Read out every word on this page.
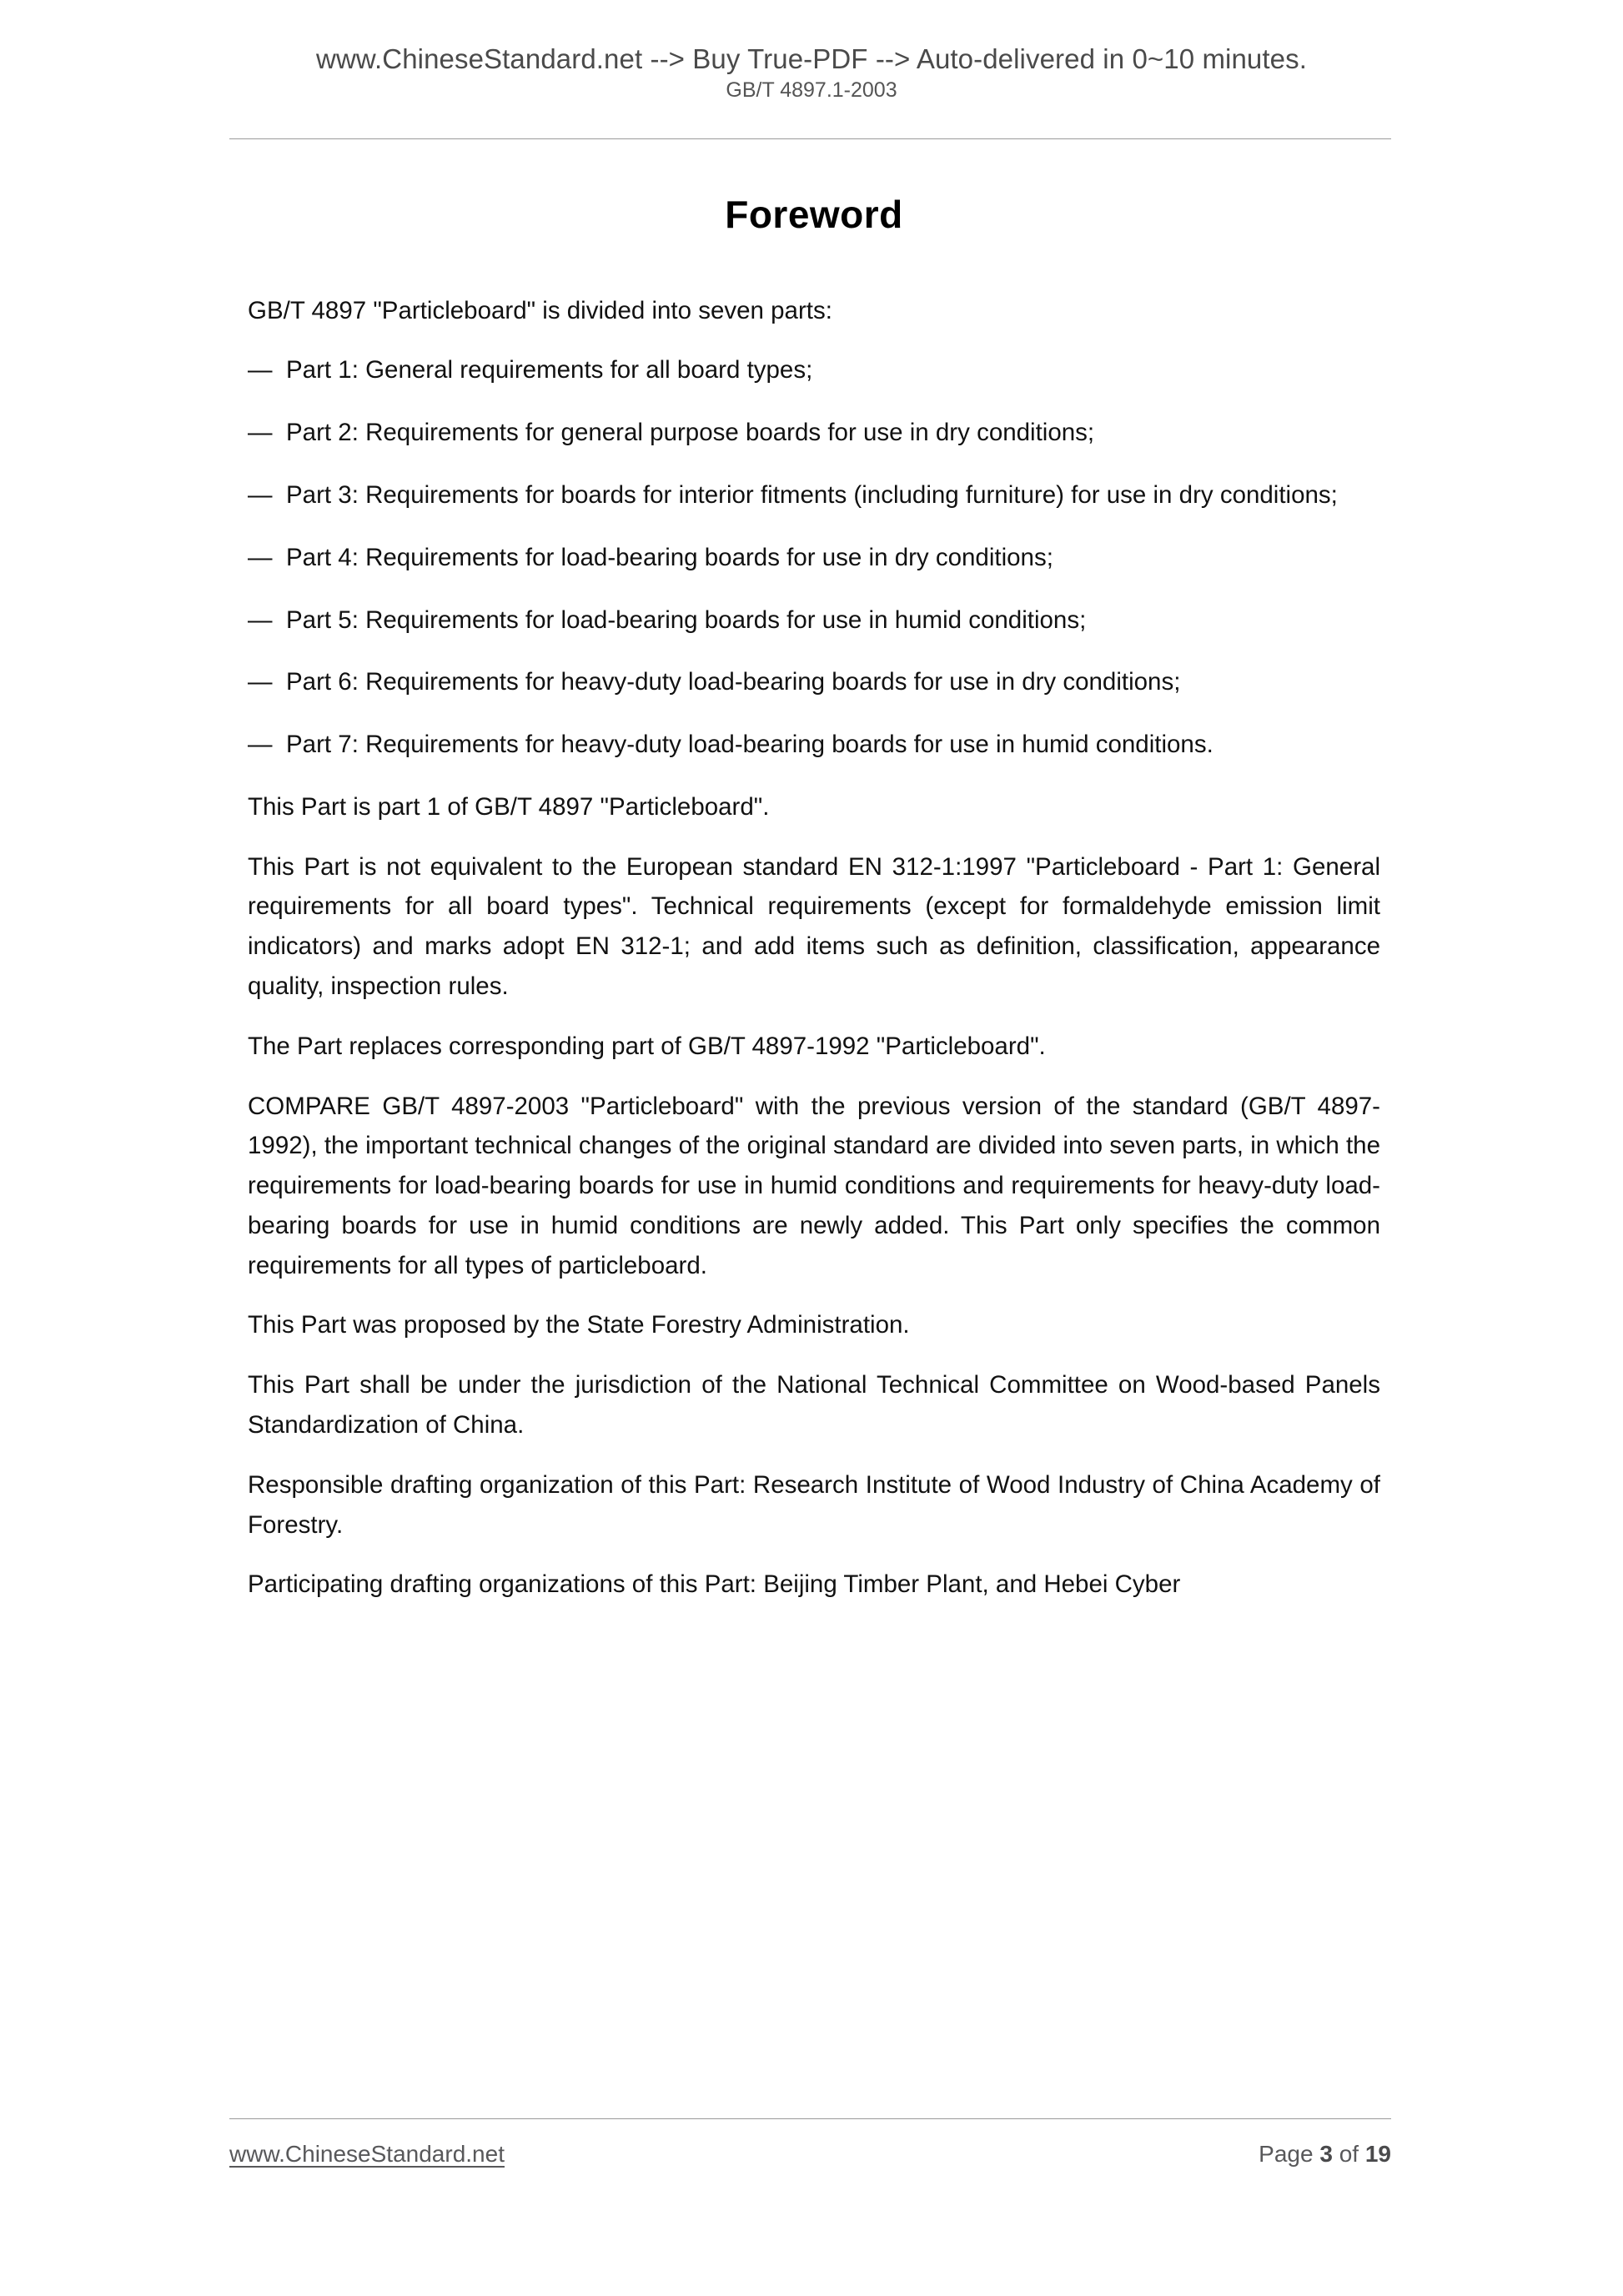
www.ChineseStandard.net --> Buy True-PDF --> Auto-delivered in 0~10 minutes.
GB/T 4897.1-2003
Foreword

GB/T 4897 "Particleboard" is divided into seven parts:

— Part 1: General requirements for all board types;
— Part 2: Requirements for general purpose boards for use in dry conditions;
— Part 3: Requirements for boards for interior fitments (including furniture) for use in dry conditions;
— Part 4: Requirements for load-bearing boards for use in dry conditions;
— Part 5: Requirements for load-bearing boards for use in humid conditions;
— Part 6: Requirements for heavy-duty load-bearing boards for use in dry conditions;
— Part 7: Requirements for heavy-duty load-bearing boards for use in humid conditions.

This Part is part 1 of GB/T 4897 "Particleboard".

This Part is not equivalent to the European standard EN 312-1:1997 "Particleboard - Part 1: General requirements for all board types". Technical requirements (except for formaldehyde emission limit indicators) and marks adopt EN 312-1; and add items such as definition, classification, appearance quality, inspection rules.

The Part replaces corresponding part of GB/T 4897-1992 "Particleboard".

COMPARE GB/T 4897-2003 "Particleboard" with the previous version of the standard (GB/T 4897-1992), the important technical changes of the original standard are divided into seven parts, in which the requirements for load-bearing boards for use in humid conditions and requirements for heavy-duty load-bearing boards for use in humid conditions are newly added. This Part only specifies the common requirements for all types of particleboard.

This Part was proposed by the State Forestry Administration.

This Part shall be under the jurisdiction of the National Technical Committee on Wood-based Panels Standardization of China.

Responsible drafting organization of this Part: Research Institute of Wood Industry of China Academy of Forestry.

Participating drafting organizations of this Part: Beijing Timber Plant, and Hebei Cyber

www.ChineseStandard.net	Page 3 of 19
